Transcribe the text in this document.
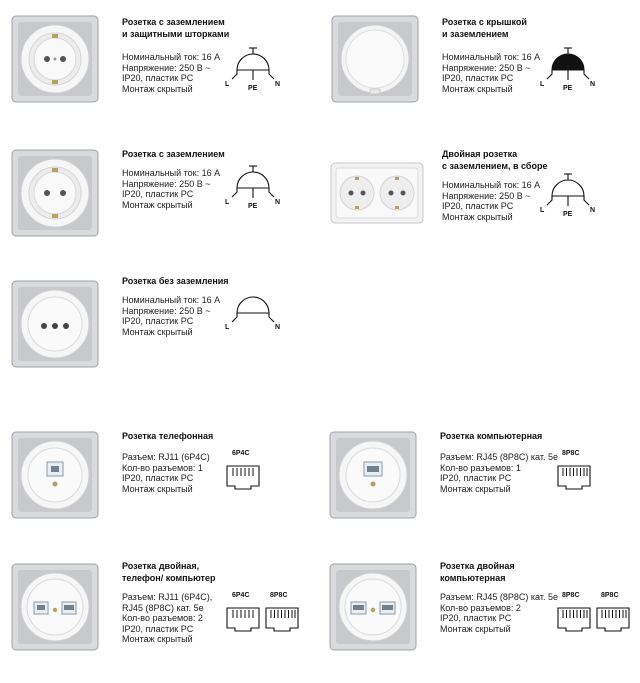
Розетка с заземлением
и защитными шторками
Номинальный ток: 16 А
Напряжение: 250 В ~
IP20, пластик PC
Монтаж скрытый	L
PE
N
Розетка с крышкой
и заземлением
Номинальный ток: 16 А
Напряжение: 250 В ~
IP20, пластик PC
Монтаж скрытый	L
PE
N
Розетка с заземлением
Номинальный ток: 16 А
Напряжение: 250 В ~
IP20, пластик PC
Монтаж скрытый	L
PE
N
Двойная розетка
с заземлением, в сборе
Номинальный ток: 16 А
Напряжение: 250 В ~
IP20, пластик PC
Монтаж скрытый
L
PE
N
Розетка без заземления
Номинальный ток: 16 А
Напряжение: 250 В ~
IP20, пластик PC
Монтаж скрытый	L	N
Розетка телефонная
Разъем: RJ11 (6P4C)
Кол-во разъемов: 1
IP20, пластик PC
Монтаж скрытый
6P4C
Розетка компьютерная
Разъем: RJ45 (8P8C) кат. 5е
Кол-во разъемов: 1
IP20, пластик PC
Монтаж скрытый
8P8C
Розетка двойная,
телефон/ компьютер
Разъем: RJ11 (6P4C),
RJ45 (8P8C) кат. 5е
Кол-во разъемов: 2
IP20, пластик PC
Монтаж скрытый
6P4C	8P8C
Розетка двойная
компьютерная
Разъем: RJ45 (8P8C) кат. 5е
Кол-во разъемов: 2
IP20, пластик PC
Монтаж скрытый
8P8C	8P8C
